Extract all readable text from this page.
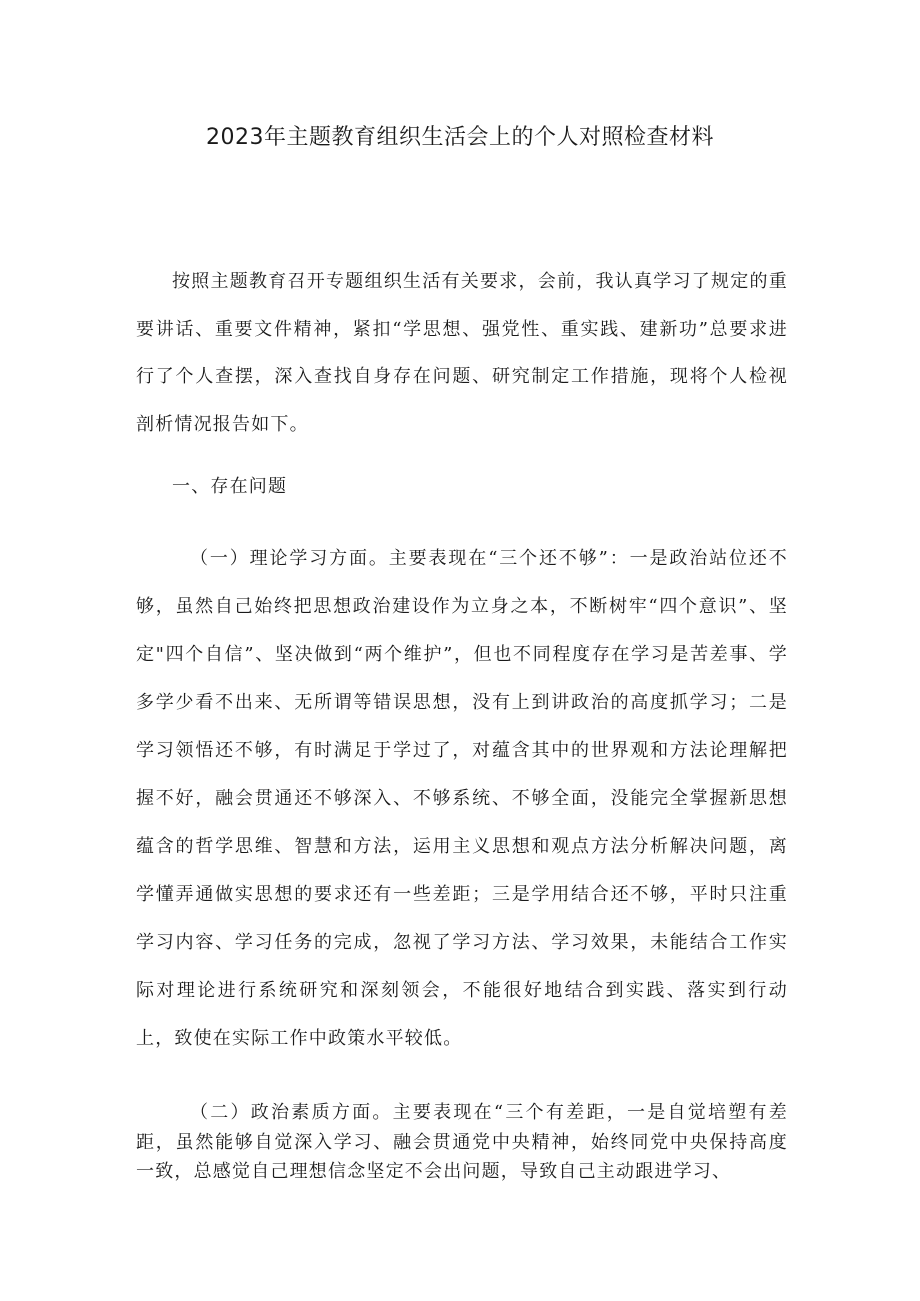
2023年主题教育组织生活会上的个人对照检查材料

按照主题教育召开专题组织生活有关要求，会前，我认真学习了规定的重要讲话、重要文件精神，紧扣“学思想、强党性、重实践、建新功”总要求进行了个人查摆，深入查找自身存在问题、研究制定工作措施，现将个人检视剖析情况报告如下。

一、存在问题

（一）理论学习方面。主要表现在“三个还不够”：一是政治站位还不够，虽然自己始终把思想政治建设作为立身之本，不断树牢“四个意识”、坚定"四个自信”、坚决做到“两个维护”，但也不同程度存在学习是苦差事、学多学少看不出来、无所谓等错误思想，没有上到讲政治的高度抓学习；二是学习领悟还不够，有时满足于学过了，对蕴含其中的世界观和方法论理解把握不好，融会贯通还不够深入、不够系统、不够全面，没能完全掌握新思想蕴含的哲学思维、智慧和方法，运用主义思想和观点方法分析解决问题，离学懂弄通做实思想的要求还有一些差距；三是学用结合还不够，平时只注重学习内容、学习任务的完成，忽视了学习方法、学习效果，未能结合工作实际对理论进行系统研究和深刻领会，不能很好地结合到实践、落实到行动上，致使在实际工作中政策水平较低。

（二）政治素质方面。主要表现在“三个有差距，一是自觉培塑有差距，虽然能够自觉深入学习、融会贯通党中央精神，始终同党中央保持高度一致，总感觉自己理想信念坚定不会出问题，导致自己主动跟进学习、
